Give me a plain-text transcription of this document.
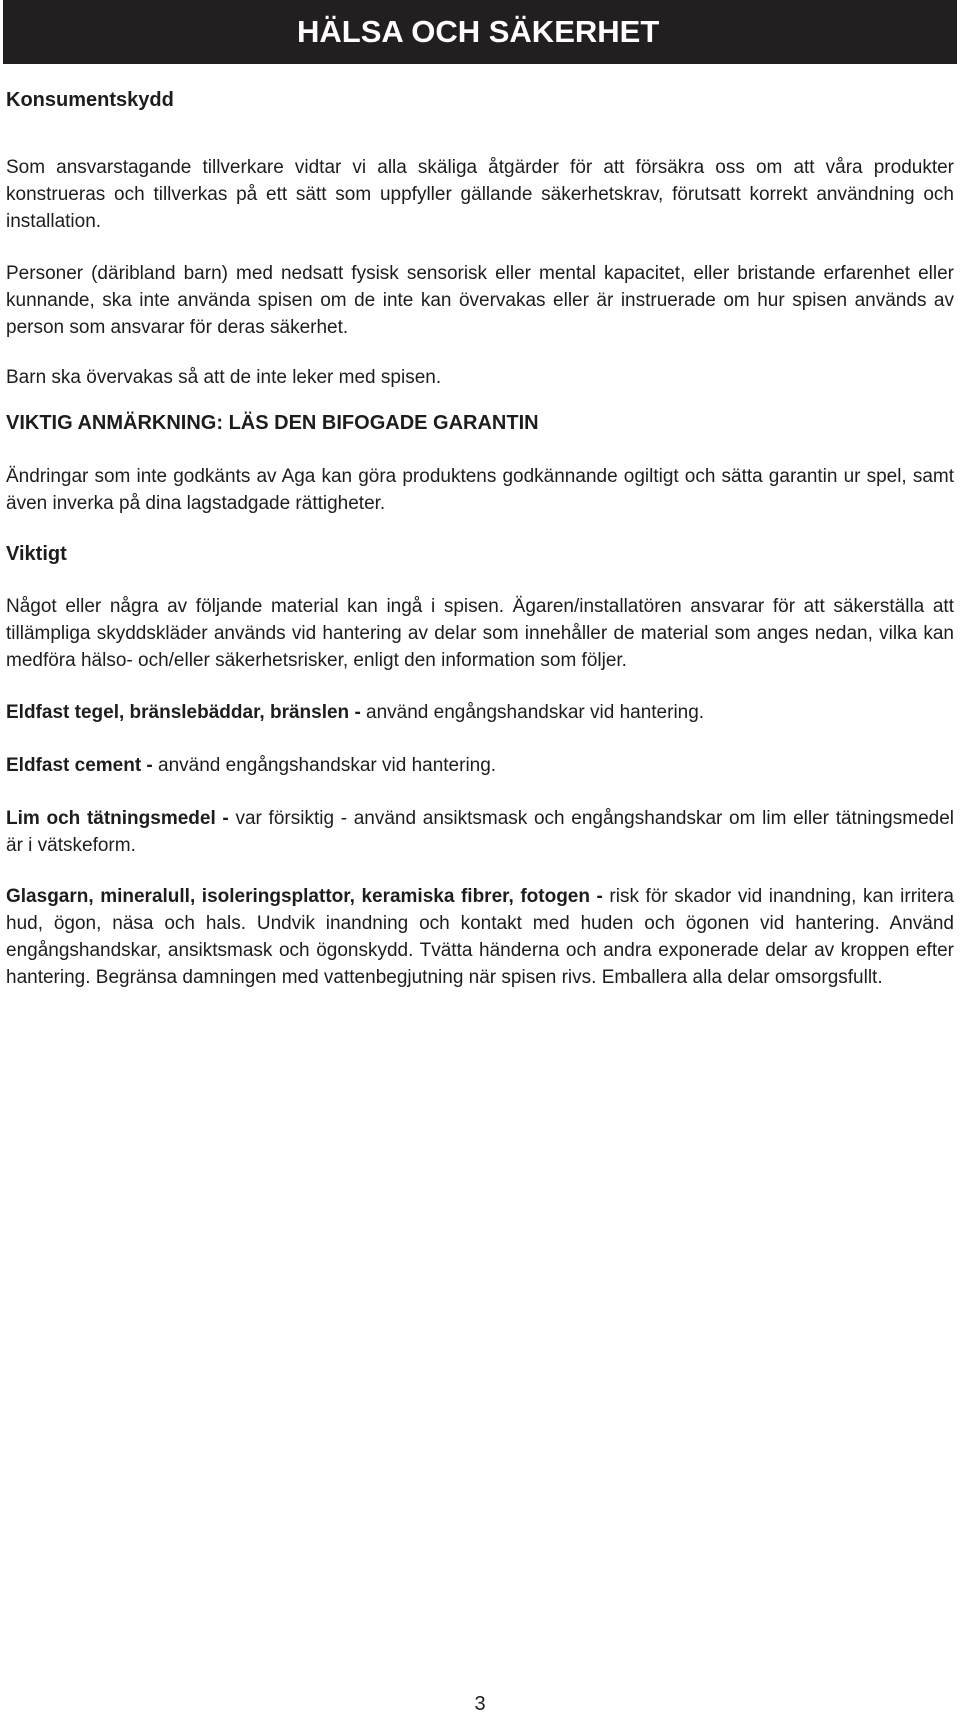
HÄLSA OCH SÄKERHET
Konsumentskydd

Som ansvarstagande tillverkare vidtar vi alla skäliga åtgärder för att försäkra oss om att våra produkter konstrueras och tillverkas på ett sätt som uppfyller gällande säkerhetskrav, förutsatt korrekt användning och installation.

Personer (däribland barn) med nedsatt fysisk sensorisk eller mental kapacitet, eller bristande erfarenhet eller kunnande, ska inte använda spisen om de inte kan övervakas eller är instruerade om hur spisen används av person som ansvarar för deras säkerhet.

Barn ska övervakas så att de inte leker med spisen.

VIKTIG ANMÄRKNING: LÄS DEN BIFOGADE GARANTIN

Ändringar som inte godkänts av Aga kan göra produktens godkännande ogiltigt och sätta garantin ur spel, samt även inverka på dina lagstadgade rättigheter.

Viktigt

Något eller några av följande material kan ingå i spisen. Ägaren/installatören ansvarar för att säkerställa att tillämpliga skyddskläder används vid hantering av delar som innehåller de material som anges nedan, vilka kan medföra hälso- och/eller säkerhetsrisker, enligt den information som följer.

Eldfast tegel, bränslebäddar, bränslen - använd engångshandskar vid hantering.

Eldfast cement - använd engångshandskar vid hantering.

Lim och tätningsmedel - var försiktig - använd ansiktsmask och engångshandskar om lim eller tätningsmedel är i vätskeform.

Glasgarn, mineralull, isoleringsplattor, keramiska fibrer, fotogen - risk för skador vid inandning, kan irritera hud, ögon, näsa och hals. Undvik inandning och kontakt med huden och ögonen vid hantering. Använd engångshandskar, ansiktsmask och ögonskydd. Tvätta händerna och andra exponerade delar av kroppen efter hantering. Begränsa damningen med vattenbegjutning när spisen rivs. Emballera alla delar omsorgsfullt.

3
